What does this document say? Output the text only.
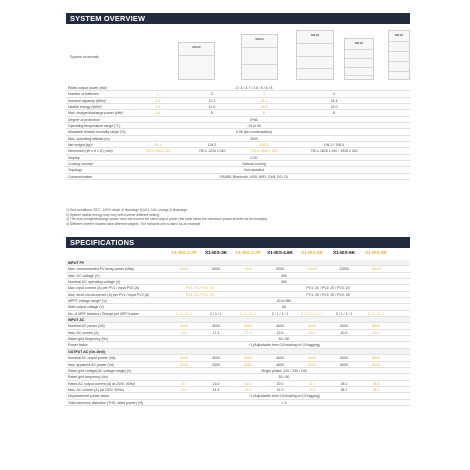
SYSTEM OVERVIEW
System schematic
SOLAX
SOLAX
SOLAX
SOLAX
SOLAX
Rated output power (kW)	2 / 3 / 3.7 / 4.6 / 5 / 6 / 8
Number of batteries	1	2	3	4
Nominal capacity (kWh)*	6.1	12.2	18.3	24.4
Usable energy (kWh)*	5.5	11.0	16.5	22.0
Max. charge/discharge power (kW)*	4.6	8	8	8
Degree of protection	IP66
Operating temperature range (°C)	-10 to 50
Allowable relative humidity range (%)	0-95 (No condensation)
Max. operating altitude (m)	3000
Net weight (kg)*	91.4	124.2	163.3	194.2 / 196.4
Dimension (W x H x D) (mm)	730 x 926 x 240	730 x 1226 x 240	730 x 1526 x 240	730 x 1826 x 240 / 1926 x 240
Display	LCD
Cooling concept	Natural cooling
Topology	Non-isolated
Communication	RS485, Bluetooth, USB, WiFi, CAN, DO, DI
1) Test conditions: 25°C, 100% depth of discharge (DoD), 0.5C charge & discharge.
2) System usable energy may vary with inverter different setting.
3) The max charge/discharge power must not exceed the rated output power (the table takes the maximum power inverter as an example).
4) Different inverter models have different weights. The heaviest one is taken as an example.
SPECIFICATIONS
X1-IES-3.7K X1-IES-3K X1-IES-3.7K X1-IES-4.6K X1-IES-5K X1-IES-6K X1-IES-8K
INPUT PV
Max. recommended PV array power (kWp)	4000	6000	7400	9200	10000	12000	16000
Max. DC voltage (V)	600
Nominal DC operating voltage (V)	360
Max. input current (A) per PV1 / input PV2 (A)	PV1: 16 / PV2: 16	PV1: 20 / PV2: 20 / PV3: 20
Max. short circuit current (A) per PV1 / input PV2 (A)	PV1: 20 / PV2: 20	PV1: 25 / PV2: 25 / PV3: 25
MPPT voltage range* (V)	40 to 550
Start output voltage (V)	50
No. of MPP trackers / Strings per MPP tracker	2 / 1 / 1 / 1	2 / 1 / 1	2 / 1 / 1 / 1	2 / 1 / 1 / 1	2 / 1 / 1 / 1 / 1	3 / 1 / 1 / 1	3 / 1 / 1 / 1
INPUT AC
Nominal AC power (VA)	2000	3000	3680	4600	5000	6000	8000
Max. AC current (A)	9.6	17.4	17.4	19.5	40.0	40.0	40.0
Rated grid frequency (Hz)	50 / 60
Power factor	~1 (Adjustable from 0.8 leading to 0.8 lagging)
OUTPUT AC (On-Grid)
Nominal AC output power (VA)	2000	3000	3680	4600	4600	6000	8000
Max. apparent AC power (VA)	2200	3300	3680	4600	5000	6000	8000
Rated grid voltage(AC voltage range) (V)	Single phase, 220 / 230 / 240
Rated grid frequency (Hz)	50 / 60
Rated AC output current (A) at 230V, 50Hz)	8.7	13.0	16.0	20.0	21.7	26.1	34.8
Max. AC current (A) (at 230V, 50Hz)	10.0	14.4	16.0	21.0	23.0	28.7	36.0
Displacement power factor	~1 (Adjustable from 0.8 leading to 0.8 lagging)
Total harmonic distortion (THD, rated power) (%)	< 3
